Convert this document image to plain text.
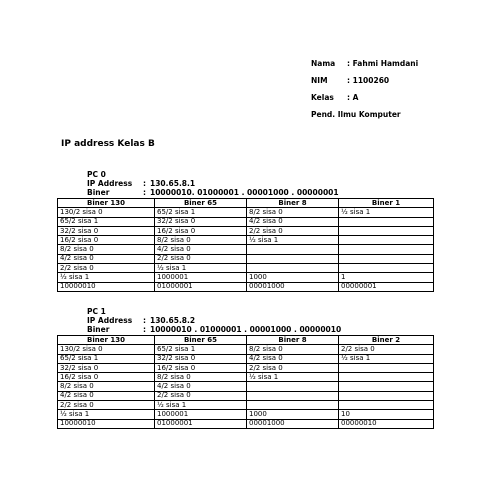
Nama : Fahmi Hamdani
NIM	: 1100260
Kelas : A
Pend. Ilmu Komputer
IP address Kelas B
PC 0
IP Address : 130.65.8.1
Biner	: 10000010. 01000001 . 00001000 . 00000001
Biner 130	Biner 65	Biner 8	Biner 1
130/2 sisa 0	65/2 sisa 1	8/2 sisa 0	½ sisa 1
65/2 sisa 1	32/2 sisa 0	4/2 sisa 0	
32/2 sisa 0	16/2 sisa 0	2/2 sisa 0	
16/2 sisa 0	8/2 sisa 0	½ sisa 1	
8/2 sisa 0	4/2 sisa 0		
4/2 sisa 0	2/2 sisa 0		
2/2 sisa 0	½ sisa 1		
½ sisa 1	1000001	1000	1
10000010	01000001	00001000	00000001
PC 1
IP Address : 130.65.8.2
Biner	: 10000010 . 01000001 . 00001000 . 00000010
Biner 130	Biner 65	Biner 8	Biner 2
130/2 sisa 0	65/2 sisa 1	8/2 sisa 0	2/2 sisa 0
65/2 sisa 1	32/2 sisa 0	4/2 sisa 0	½ sisa 1
32/2 sisa 0	16/2 sisa 0	2/2 sisa 0	
16/2 sisa 0	8/2 sisa 0	½ sisa 1	
8/2 sisa 0	4/2 sisa 0		
4/2 sisa 0	2/2 sisa 0		
2/2 sisa 0	½ sisa 1		
½ sisa 1	1000001	1000	10
10000010	01000001	00001000	00000010
